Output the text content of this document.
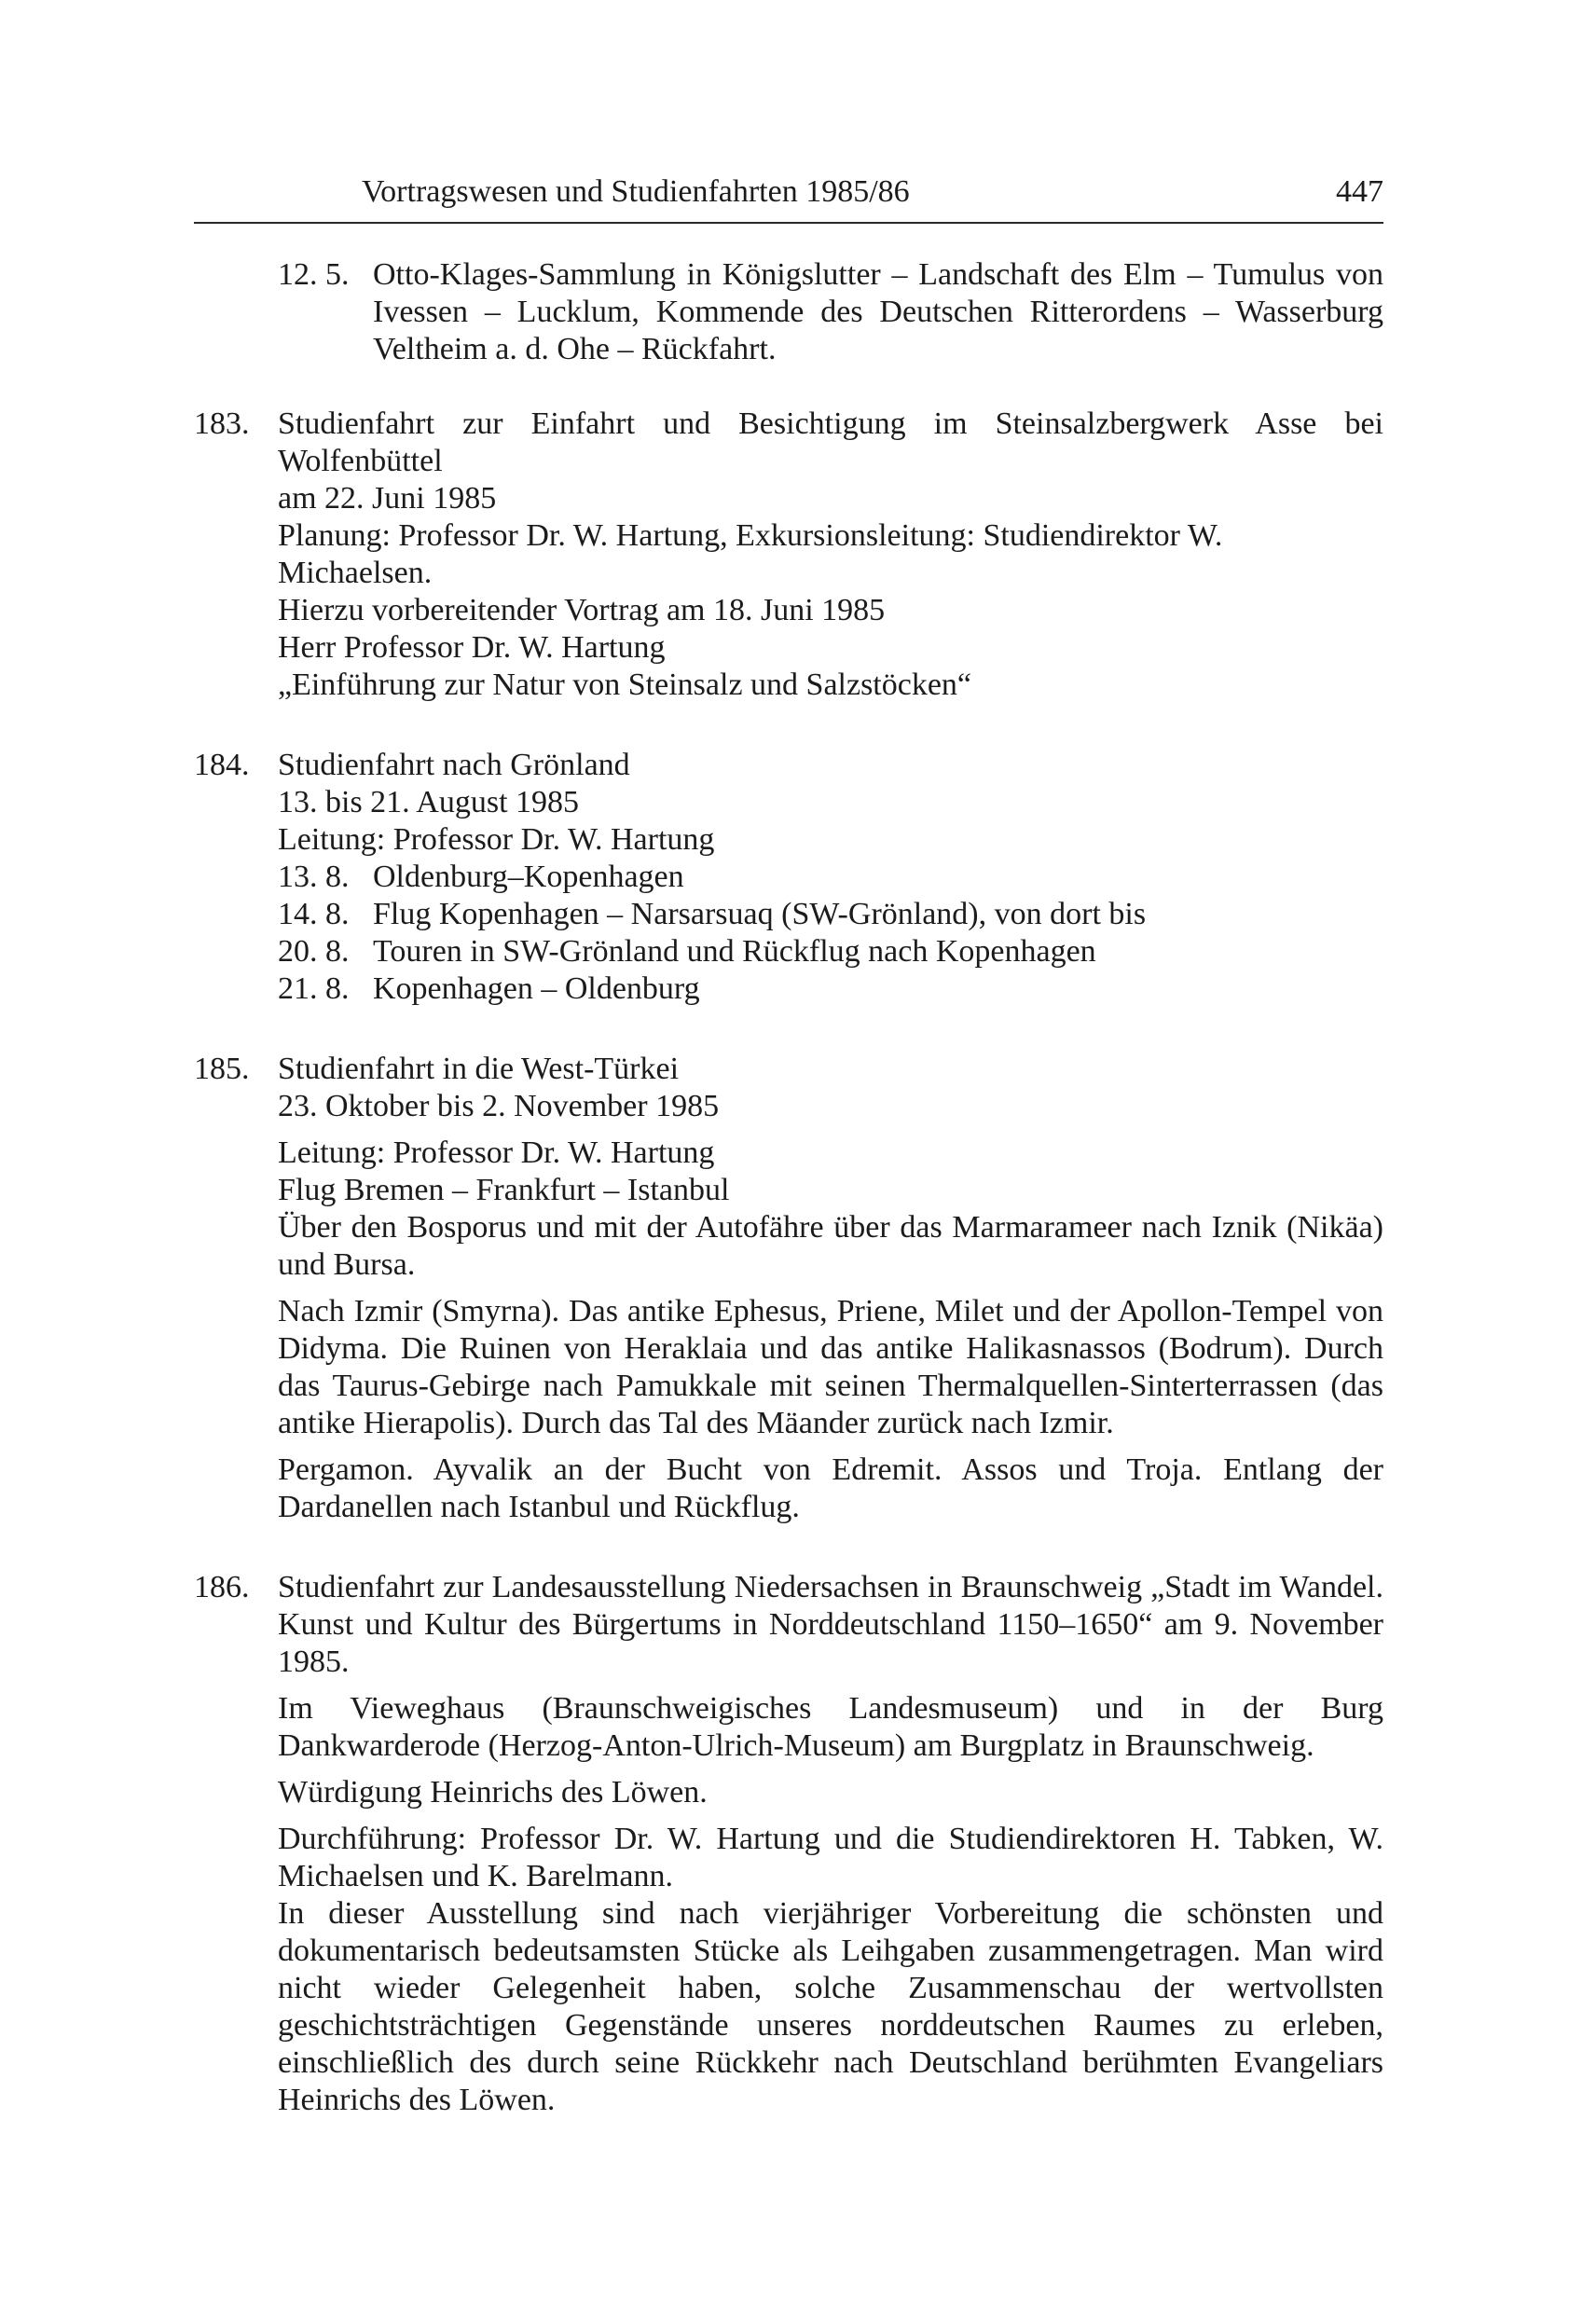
Vortragswesen und Studienfahrten 1985/86	447
12. 5. Otto-Klages-Sammlung in Königslutter – Landschaft des Elm – Tumulus von Ivessen – Lucklum, Kommende des Deutschen Ritterordens – Wasserburg Veltheim a. d. Ohe – Rückfahrt.
183. Studienfahrt zur Einfahrt und Besichtigung im Steinsalzbergwerk Asse bei Wolfenbüttel

am 22. Juni 1985

Planung: Professor Dr. W. Hartung, Exkursionsleitung: Studiendirektor W. Michaelsen.

Hierzu vorbereitender Vortrag am 18. Juni 1985

Herr Professor Dr. W. Hartung

„Einführung zur Natur von Steinsalz und Salzstöcken“

184. Studienfahrt nach Grönland

13. bis 21. August 1985

Leitung: Professor Dr. W. Hartung

13. 8. Oldenburg–Kopenhagen
14. 8. Flug Kopenhagen – Narsarsuaq (SW-Grönland), von dort bis
20. 8. Touren in SW-Grönland und Rückflug nach Kopenhagen
21. 8. Kopenhagen – Oldenburg
185. Studienfahrt in die West-Türkei

23. Oktober bis 2. November 1985

Leitung: Professor Dr. W. Hartung

Flug Bremen – Frankfurt – Istanbul

Über den Bosporus und mit der Autofähre über das Marmarameer nach Iznik (Nikäa) und Bursa.

Nach Izmir (Smyrna). Das antike Ephesus, Priene, Milet und der Apollon-Tempel von Didyma. Die Ruinen von Heraklaia und das antike Halikasnassos (Bodrum). Durch das Taurus-Gebirge nach Pamukkale mit seinen Thermalquellen-Sinterterrassen (das antike Hierapolis). Durch das Tal des Mäander zurück nach Izmir.

Pergamon. Ayvalik an der Bucht von Edremit. Assos und Troja. Entlang der Dardanellen nach Istanbul und Rückflug.

186. Studienfahrt zur Landesausstellung Niedersachsen in Braunschweig „Stadt im Wandel. Kunst und Kultur des Bürgertums in Norddeutschland 1150–1650“ am 9. November 1985.

Im Vieweghaus (Braunschweigisches Landesmuseum) und in der Burg Dankwarderode (Herzog-Anton-Ulrich-Museum) am Burgplatz in Braunschweig.

Würdigung Heinrichs des Löwen.

Durchführung: Professor Dr. W. Hartung und die Studiendirektoren H. Tabken, W. Michaelsen und K. Barelmann.

In dieser Ausstellung sind nach vierjähriger Vorbereitung die schönsten und dokumentarisch bedeutsamsten Stücke als Leihgaben zusammengetragen. Man wird nicht wieder Gelegenheit haben, solche Zusammenschau der wertvollsten geschichtsträchtigen Gegenstände unseres norddeutschen Raumes zu erleben, einschließlich des durch seine Rückkehr nach Deutschland berühmten Evangeliars Heinrichs des Löwen.
